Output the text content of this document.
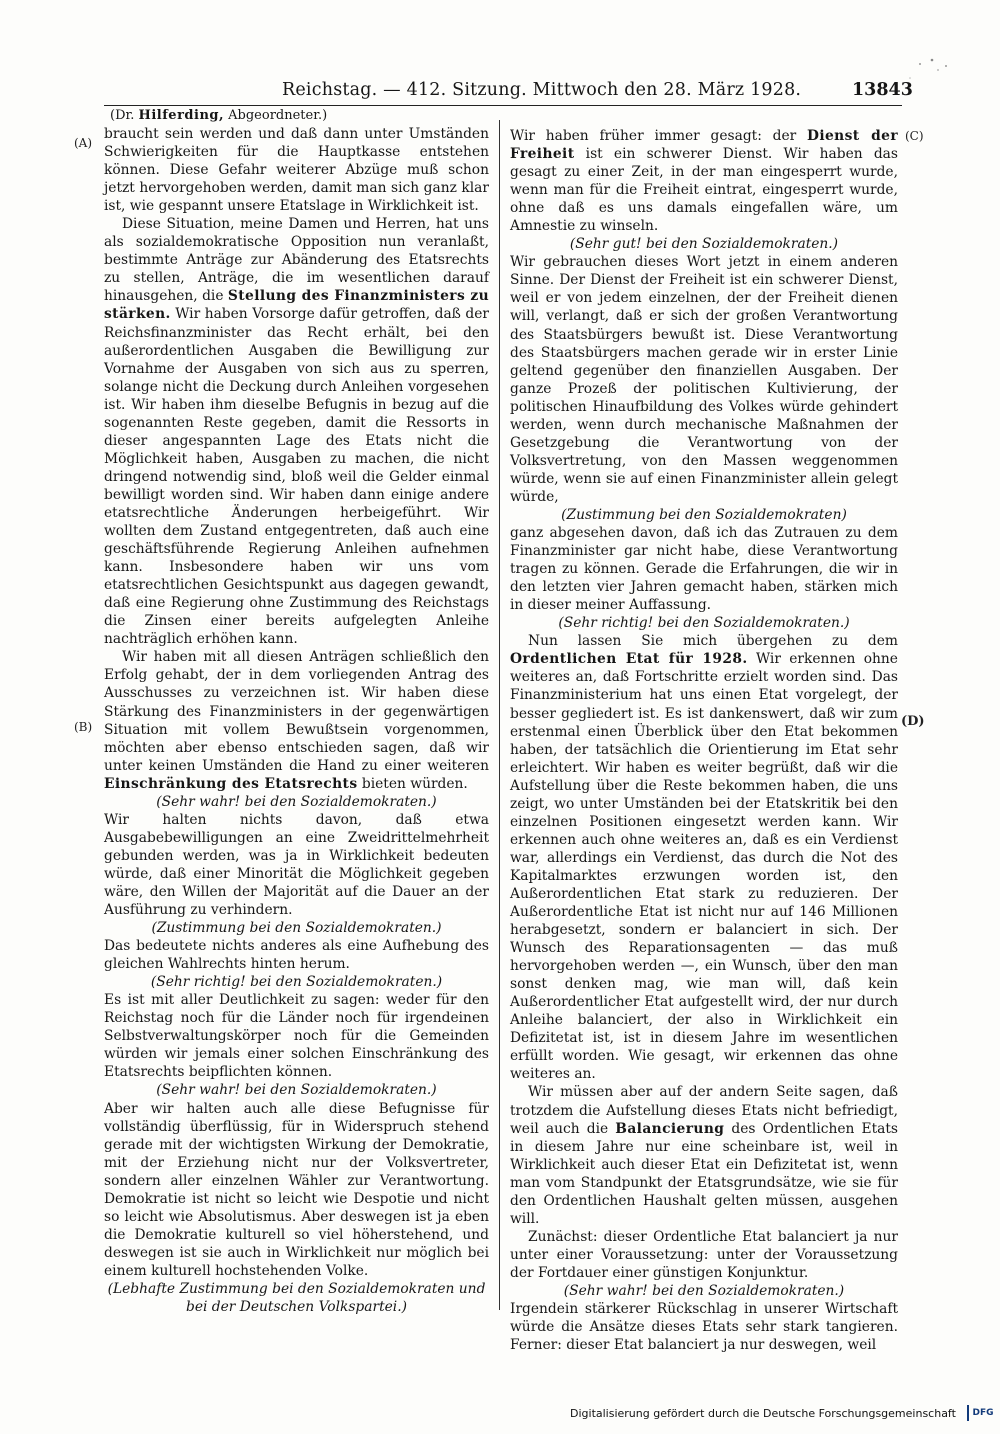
Reichstag. — 412. Sitzung. Mittwoch den 28. März 1928.	13843
(A)
(B)
(C)
(D)
(Dr. Hilferding, Abgeordneter.)

braucht sein werden und daß dann unter Umständen Schwierigkeiten für die Hauptkasse entstehen können. Diese Gefahr weiterer Abzüge muß schon jetzt hervorgehoben werden, damit man sich ganz klar ist, wie gespannt unsere Etatslage in Wirklichkeit ist.

Diese Situation, meine Damen und Herren, hat uns als sozialdemokratische Opposition nun veranlaßt, bestimmte Anträge zur Abänderung des Etatsrechts zu stellen, Anträge, die im wesentlichen darauf hinausgehen, die Stellung des Finanzministers zu stärken. Wir haben Vorsorge dafür getroffen, daß der Reichsfinanzminister das Recht erhält, bei den außerordentlichen Ausgaben die Bewilligung zur Vornahme der Ausgaben von sich aus zu sperren, solange nicht die Deckung durch Anleihen vorgesehen ist. Wir haben ihm dieselbe Befugnis in bezug auf die sogenannten Reste gegeben, damit die Ressorts in dieser angespannten Lage des Etats nicht die Möglichkeit haben, Ausgaben zu machen, die nicht dringend notwendig sind, bloß weil die Gelder einmal bewilligt worden sind. Wir haben dann einige andere etatsrechtliche Änderungen herbeigeführt. Wir wollten dem Zustand entgegentreten, daß auch eine geschäftsführende Regierung Anleihen aufnehmen kann. Insbesondere haben wir uns vom etatsrechtlichen Gesichtspunkt aus dagegen gewandt, daß eine Regierung ohne Zustimmung des Reichstags die Zinsen einer bereits aufgelegten Anleihe nachträglich erhöhen kann.

Wir haben mit all diesen Anträgen schließlich den Erfolg gehabt, der in dem vorliegenden Antrag des Ausschusses zu verzeichnen ist. Wir haben diese Stärkung des Finanzministers in der gegenwärtigen Situation mit vollem Bewußtsein vorgenommen, möchten aber ebenso entschieden sagen, daß wir unter keinen Umständen die Hand zu einer weiteren Einschränkung des Etatsrechts bieten würden.

(Sehr wahr! bei den Sozialdemokraten.)

Wir halten nichts davon, daß etwa Ausgabebewilligungen an eine Zweidrittelmehrheit gebunden werden, was ja in Wirklichkeit bedeuten würde, daß einer Minorität die Möglichkeit gegeben wäre, den Willen der Majorität auf die Dauer an der Ausführung zu verhindern.

(Zustimmung bei den Sozialdemokraten.)

Das bedeutete nichts anderes als eine Aufhebung des gleichen Wahlrechts hinten herum.

(Sehr richtig! bei den Sozialdemokraten.)

Es ist mit aller Deutlichkeit zu sagen: weder für den Reichstag noch für die Länder noch für irgendeinen Selbstverwaltungskörper noch für die Gemeinden würden wir jemals einer solchen Einschränkung des Etatsrechts beipflichten können.

(Sehr wahr! bei den Sozialdemokraten.)

Aber wir halten auch alle diese Befugnisse für vollständig überflüssig, für in Widerspruch stehend gerade mit der wichtigsten Wirkung der Demokratie, mit der Erziehung nicht nur der Volksvertreter, sondern aller einzelnen Wähler zur Verantwortung. Demokratie ist nicht so leicht wie Despotie und nicht so leicht wie Absolutismus. Aber deswegen ist ja eben die Demokratie kulturell so viel höherstehend, und deswegen ist sie auch in Wirklichkeit nur möglich bei einem kulturell hochstehenden Volke.

(Lebhafte Zustimmung bei den Sozialdemokraten und bei der Deutschen Volkspartei.)

Wir haben früher immer gesagt: der Dienst der Freiheit ist ein schwerer Dienst. Wir haben das gesagt zu einer Zeit, in der man eingesperrt wurde, wenn man für die Freiheit eintrat, eingesperrt wurde, ohne daß es uns damals eingefallen wäre, um Amnestie zu winseln.

(Sehr gut! bei den Sozialdemokraten.)

Wir gebrauchen dieses Wort jetzt in einem anderen Sinne. Der Dienst der Freiheit ist ein schwerer Dienst, weil er von jedem einzelnen, der der Freiheit dienen will, verlangt, daß er sich der großen Verantwortung des Staatsbürgers bewußt ist. Diese Verantwortung des Staatsbürgers machen gerade wir in erster Linie geltend gegenüber den finanziellen Ausgaben. Der ganze Prozeß der politischen Kultivierung, der politischen Hinaufbildung des Volkes würde gehindert werden, wenn durch mechanische Maßnahmen der Gesetzgebung die Verantwortung von der Volksvertretung, von den Massen weggenommen würde, wenn sie auf einen Finanzminister allein gelegt würde,

(Zustimmung bei den Sozialdemokraten)

ganz abgesehen davon, daß ich das Zutrauen zu dem Finanzminister gar nicht habe, diese Verantwortung tragen zu können. Gerade die Erfahrungen, die wir in den letzten vier Jahren gemacht haben, stärken mich in dieser meiner Auffassung.

(Sehr richtig! bei den Sozialdemokraten.)

Nun lassen Sie mich übergehen zu dem Ordentlichen Etat für 1928. Wir erkennen ohne weiteres an, daß Fortschritte erzielt worden sind. Das Finanzministerium hat uns einen Etat vorgelegt, der besser gegliedert ist. Es ist dankenswert, daß wir zum erstenmal einen Überblick über den Etat bekommen haben, der tatsächlich die Orientierung im Etat sehr erleichtert. Wir haben es weiter begrüßt, daß wir die Aufstellung über die Reste bekommen haben, die uns zeigt, wo unter Umständen bei der Etatskritik bei den einzelnen Positionen eingesetzt werden kann. Wir erkennen auch ohne weiteres an, daß es ein Verdienst war, allerdings ein Verdienst, das durch die Not des Kapitalmarktes erzwungen worden ist, den Außerordentlichen Etat stark zu reduzieren. Der Außerordentliche Etat ist nicht nur auf 146 Millionen herabgesetzt, sondern er balanciert in sich. Der Wunsch des Reparationsagenten — das muß hervorgehoben werden —, ein Wunsch, über den man sonst denken mag, wie man will, daß kein Außerordentlicher Etat aufgestellt wird, der nur durch Anleihe balanciert, der also in Wirklichkeit ein Defizitetat ist, ist in diesem Jahre im wesentlichen erfüllt worden. Wie gesagt, wir erkennen das ohne weiteres an.

Wir müssen aber auf der andern Seite sagen, daß trotzdem die Aufstellung dieses Etats nicht befriedigt, weil auch die Balancierung des Ordentlichen Etats in diesem Jahre nur eine scheinbare ist, weil in Wirklichkeit auch dieser Etat ein Defizitetat ist, wenn man vom Standpunkt der Etatsgrundsätze, wie sie für den Ordentlichen Haushalt gelten müssen, ausgehen will.

Zunächst: dieser Ordentliche Etat balanciert ja nur unter einer Voraussetzung: unter der Voraussetzung der Fortdauer einer günstigen Konjunktur.

(Sehr wahr! bei den Sozialdemokraten.)

Irgendein stärkerer Rückschlag in unserer Wirtschaft würde die Ansätze dieses Etats sehr stark tangieren. Ferner: dieser Etat balanciert ja nur deswegen, weil

Digitalisierung gefördert durch die Deutsche Forschungsgemeinschaft	DFG
